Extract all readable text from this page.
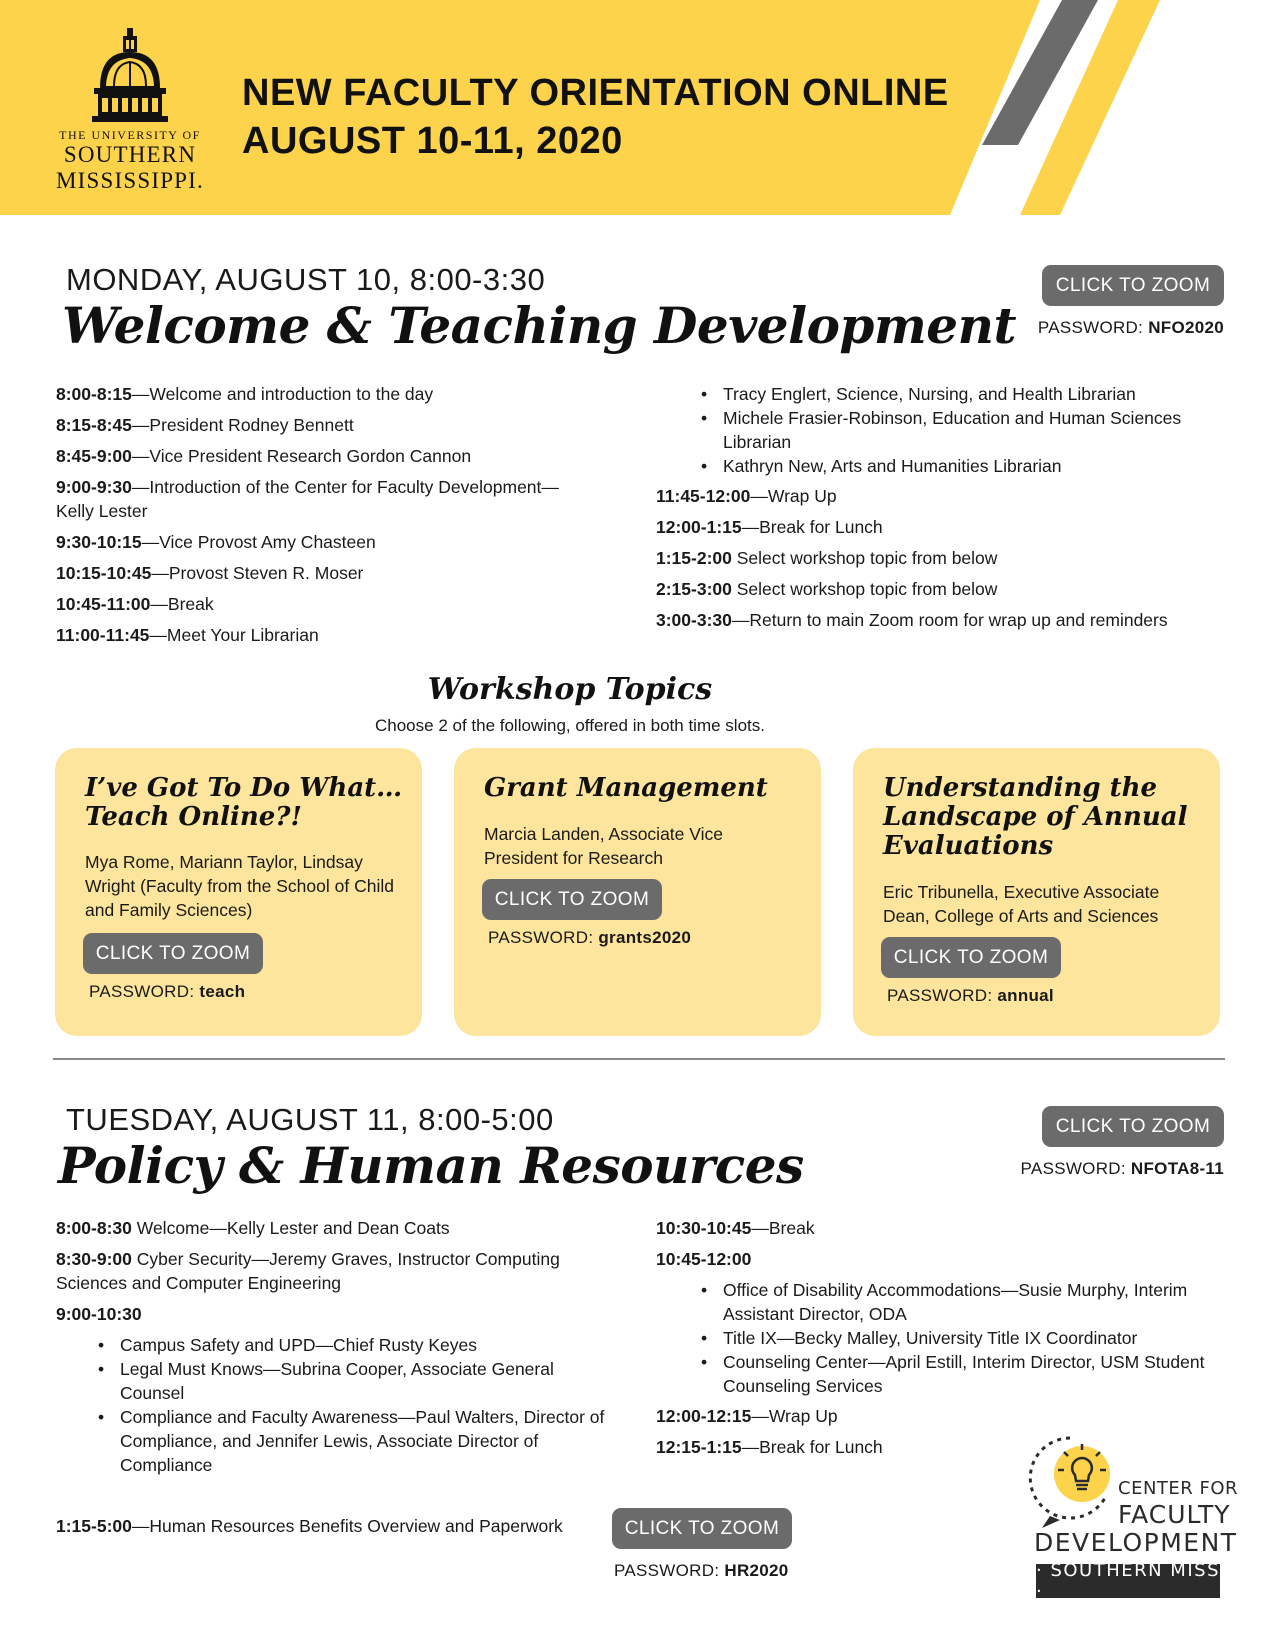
THE UNIVERSITY OF
SOUTHERN
MISSISSIPPI.
NEW FACULTY ORIENTATION ONLINE
AUGUST 10-11, 2020
MONDAY, AUGUST 10, 8:00-3:30
Welcome & Teaching Development
CLICK TO ZOOM
PASSWORD: NFO2020
8:00-8:15—Welcome and introduction to the day
8:15-8:45—President Rodney Bennett
8:45-9:00—Vice President Research Gordon Cannon
9:00-9:30—Introduction of the Center for Faculty Development—Kelly Lester
9:30-10:15—Vice Provost Amy Chasteen
10:15-10:45—Provost Steven R. Moser
10:45-11:00—Break
11:00-11:45—Meet Your Librarian
• Tracy Englert, Science, Nursing, and Health Librarian
• Michele Frasier-Robinson, Education and Human Sciences Librarian
• Kathryn New, Arts and Humanities Librarian
11:45-12:00—Wrap Up
12:00-1:15—Break for Lunch
1:15-2:00 Select workshop topic from below
2:15-3:00 Select workshop topic from below
3:00-3:30—Return to main Zoom room for wrap up and reminders
Workshop Topics
Choose 2 of the following, offered in both time slots.
I’ve Got To Do What… Teach Online?!
Mya Rome, Mariann Taylor, Lindsay Wright (Faculty from the School of Child and Family Sciences)
CLICK TO ZOOM
PASSWORD: teach
Grant Management
Marcia Landen, Associate Vice President for Research
CLICK TO ZOOM
PASSWORD: grants2020
Understanding the Landscape of Annual Evaluations
Eric Tribunella, Executive Associate Dean, College of Arts and Sciences
CLICK TO ZOOM
PASSWORD: annual
TUESDAY, AUGUST 11, 8:00-5:00
Policy & Human Resources
CLICK TO ZOOM
PASSWORD: NFOTA8-11
8:00-8:30 Welcome—Kelly Lester and Dean Coats
8:30-9:00 Cyber Security—Jeremy Graves, Instructor Computing Sciences and Computer Engineering
9:00-10:30
• Campus Safety and UPD—Chief Rusty Keyes
• Legal Must Knows—Subrina Cooper, Associate General Counsel
• Compliance and Faculty Awareness—Paul Walters, Director of Compliance, and Jennifer Lewis, Associate Director of Compliance
10:30-10:45—Break
10:45-12:00
• Office of Disability Accommodations—Susie Murphy, Interim Assistant Director, ODA
• Title IX—Becky Malley, University Title IX Coordinator
• Counseling Center—April Estill, Interim Director, USM Student Counseling Services
12:00-12:15—Wrap Up
12:15-1:15—Break for Lunch
1:15-5:00—Human Resources Benefits Overview and Paperwork	CLICK TO ZOOM
PASSWORD: HR2020
CENTER FOR
FACULTY
DEVELOPMENT
· SOUTHERN MISS ·
